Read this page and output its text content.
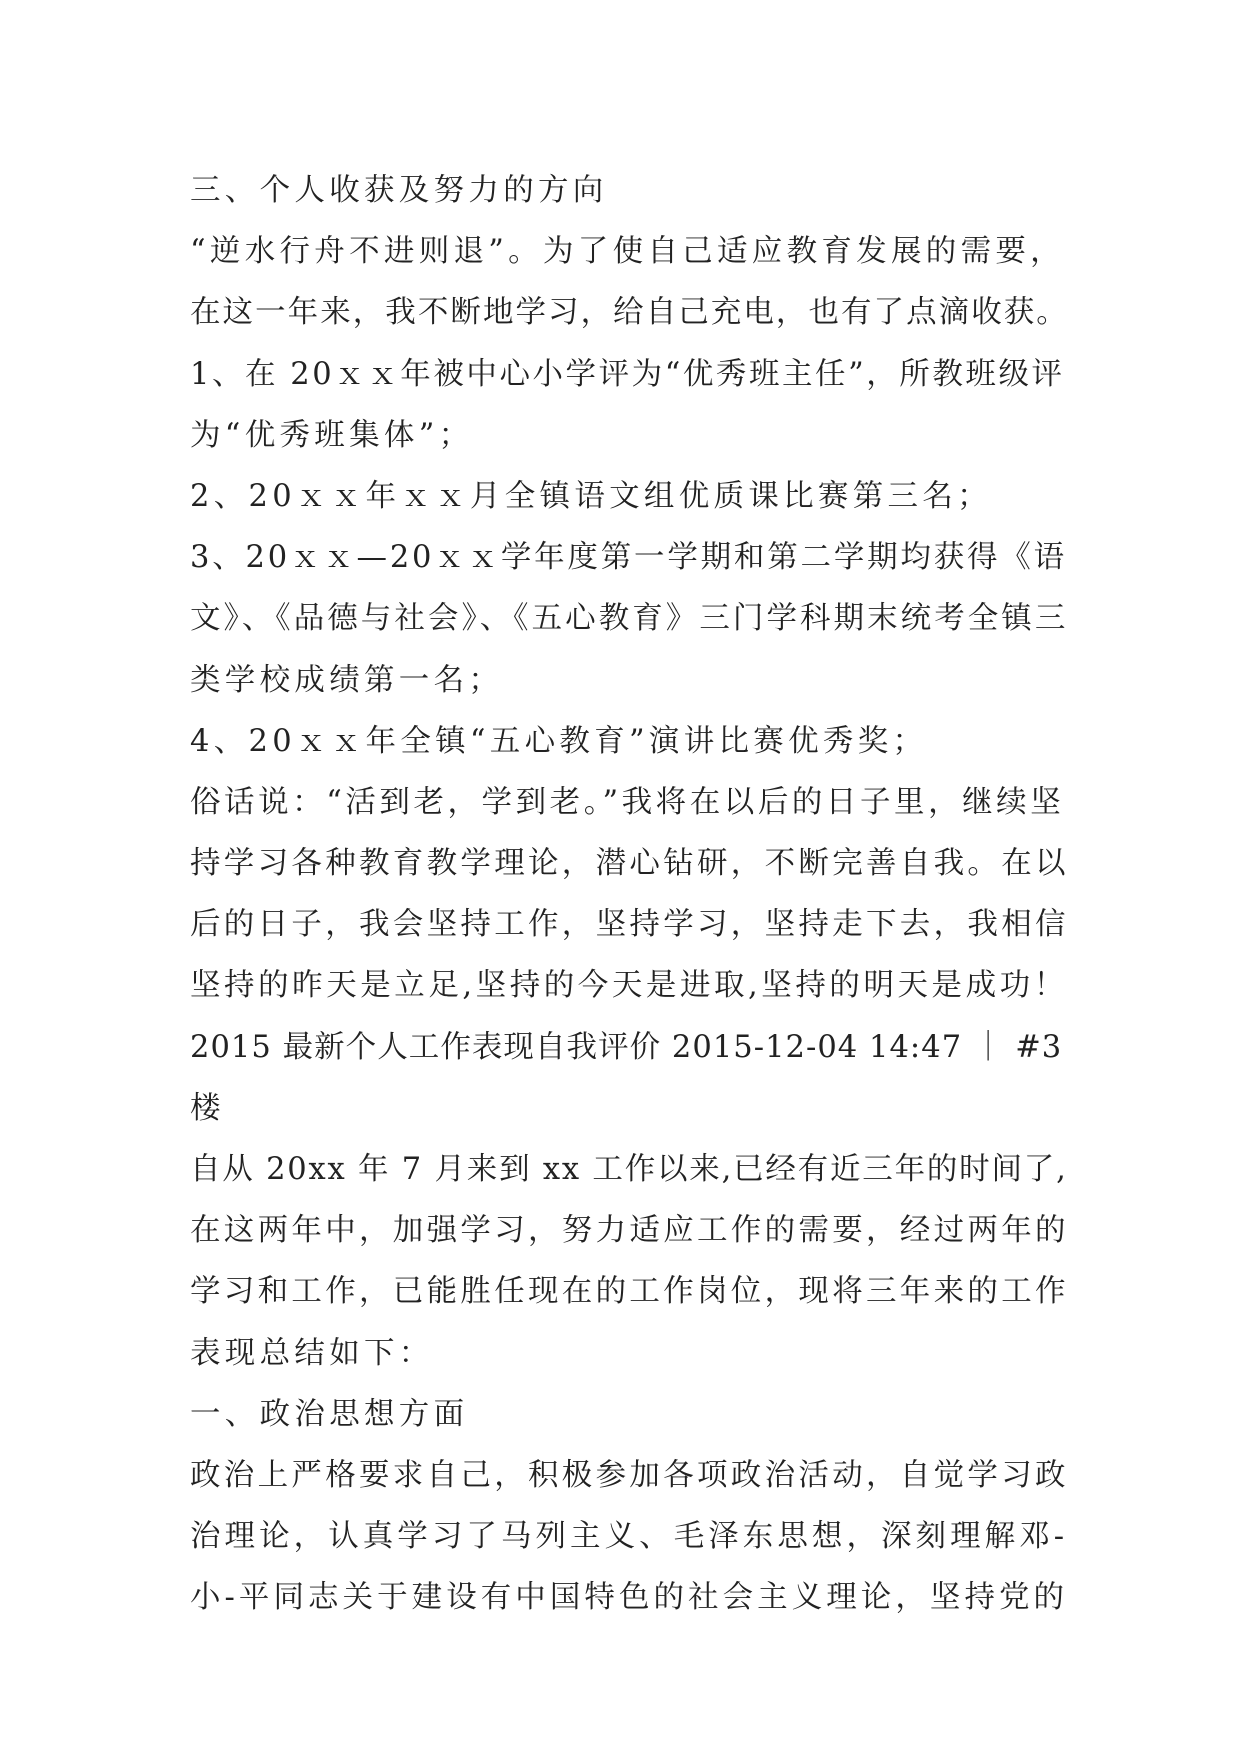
三、个人收获及努力的方向
“逆水行舟不进则退”。为了使自己适应教育发展的需要，
在这一年来，我不断地学习，给自己充电，也有了点滴收获。
1、在 20ｘｘ年被中心小学评为“优秀班主任”，所教班级评
为“优秀班集体”；
2、20ｘｘ年ｘｘ月全镇语文组优质课比赛第三名；
3、20ｘｘ—20ｘｘ学年度第一学期和第二学期均获得《语
文》、《品德与社会》、《五心教育》三门学科期末统考全镇三
类学校成绩第一名；
4、20ｘｘ年全镇“五心教育”演讲比赛优秀奖；
俗话说：“活到老，学到老。”我将在以后的日子里，继续坚
持学习各种教育教学理论，潜心钻研，不断完善自我。在以
后的日子，我会坚持工作，坚持学习，坚持走下去，我相信
坚持的昨天是立足,坚持的今天是进取,坚持的明天是成功！
2015 最新个人工作表现自我评价 2015-12-04 14:47 ｜ #3
楼
自从 20xx 年 7 月来到 xx 工作以来,已经有近三年的时间了,
在这两年中，加强学习，努力适应工作的需要，经过两年的
学习和工作，已能胜任现在的工作岗位，现将三年来的工作
表现总结如下：
一、政治思想方面
政治上严格要求自己，积极参加各项政治活动，自觉学习政
治理论，认真学习了马列主义、毛泽东思想，深刻理解邓-
小-平同志关于建设有中国特色的社会主义理论，坚持党的
